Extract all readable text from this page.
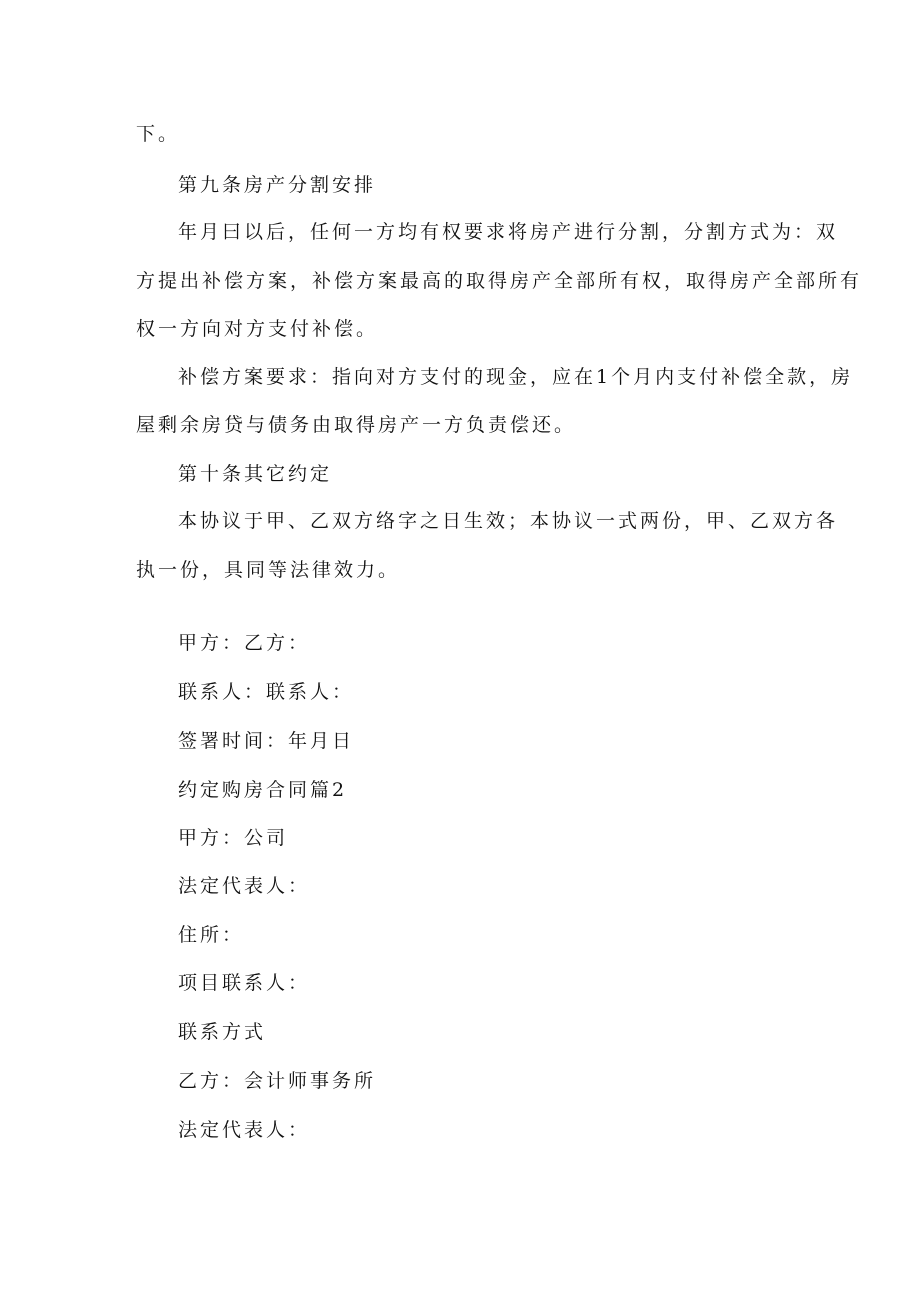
下。
第九条房产分割安排
年月曰以后，任何一方均有权要求将房产进行分割，分割方式为：双
方提出补偿方案，补偿方案最高的取得房产全部所有权，取得房产全部所有
权一方向对方支付补偿。
补偿方案要求：指向对方支付的现金，应在1个月内支付补偿全款，房
屋剩余房贷与债务由取得房产一方负责偿还。
第十条其它约定
本协议于甲、乙双方络字之日生效；本协议一式两份，甲、乙双方各
执一份，具同等法律效力。
甲方：乙方：
联系人：联系人：
签署时间：年月日
约定购房合同篇2
甲方：公司
法定代表人：
住所：
项目联系人：
联系方式
乙方：会计师事务所
法定代表人：
